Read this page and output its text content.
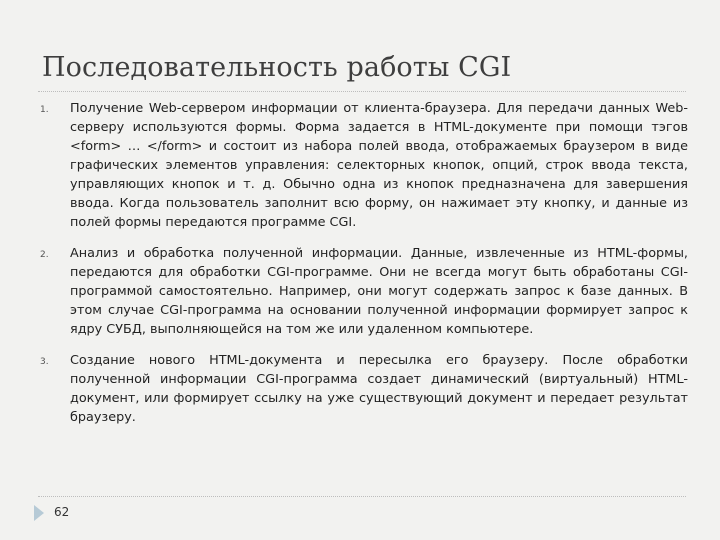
Последовательность работы CGI
1. Получение Web-сервером информации от клиента-браузера. Для передачи данных Web-серверу используются формы. Форма задается в HTML-документе при помощи тэгов <form> … </form> и состоит из набора полей ввода, отображаемых браузером в виде графических элементов управления: селекторных кнопок, опций, строк ввода текста, управляющих кнопок и т. д. Обычно одна из кнопок предназначена для завершения ввода. Когда пользователь заполнит всю форму, он нажимает эту кнопку, и данные из полей формы передаются программе CGI.
2. Анализ и обработка полученной информации. Данные, извлеченные из HTML-формы, передаются для обработки CGI-программе. Они не всегда могут быть обработаны CGI-программой самостоятельно. Например, они могут содержать запрос к базе данных. В этом случае CGI-программа на основании полученной информации формирует запрос к ядру СУБД, выполняющейся на том же или удаленном компьютере.
3. Создание нового HTML-документа и пересылка его браузеру. После обработки полученной информации CGI-программа создает динамический (виртуальный) HTML-документ, или формирует ссылку на уже существующий документ и передает результат браузеру.
62
